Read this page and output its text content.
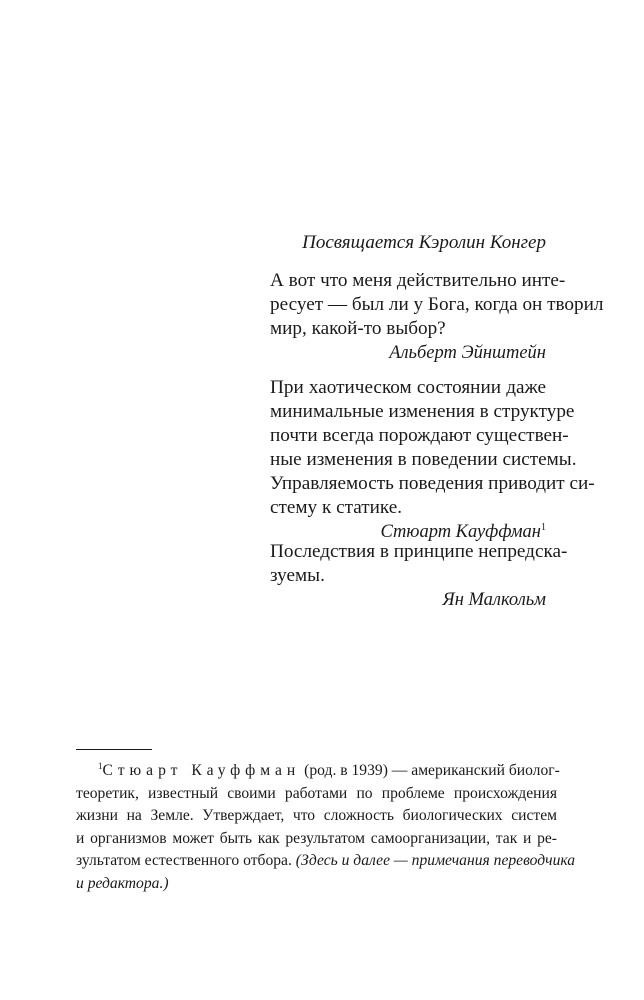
Посвящается Кэролин Конгер
А вот что меня действительно инте-
ресует — был ли у Бога, когда он творил
мир, какой-то выбор?
Альберт Эйнштейн
При хаотическом состоянии даже
минимальные изменения в структуре
почти всегда порождают существен-
ные изменения в поведении системы.
Управляемость поведения приводит си-
стему к статике.
Стюарт Кауффман$^1$
Последствия в принципе непредска-
зуемы.
Ян Малкольм
$^1$Стюарт Кауффман (род. в 1939) — американский биолог-
теоретик, известный своими работами по проблеме происхождения
жизни на Земле. Утверждает, что сложность биологических систем
и организмов может быть как результатом самоорганизации, так и ре-
зультатом естественного отбора. (Здесь и далее — примечания переводчика
и редактора.)
